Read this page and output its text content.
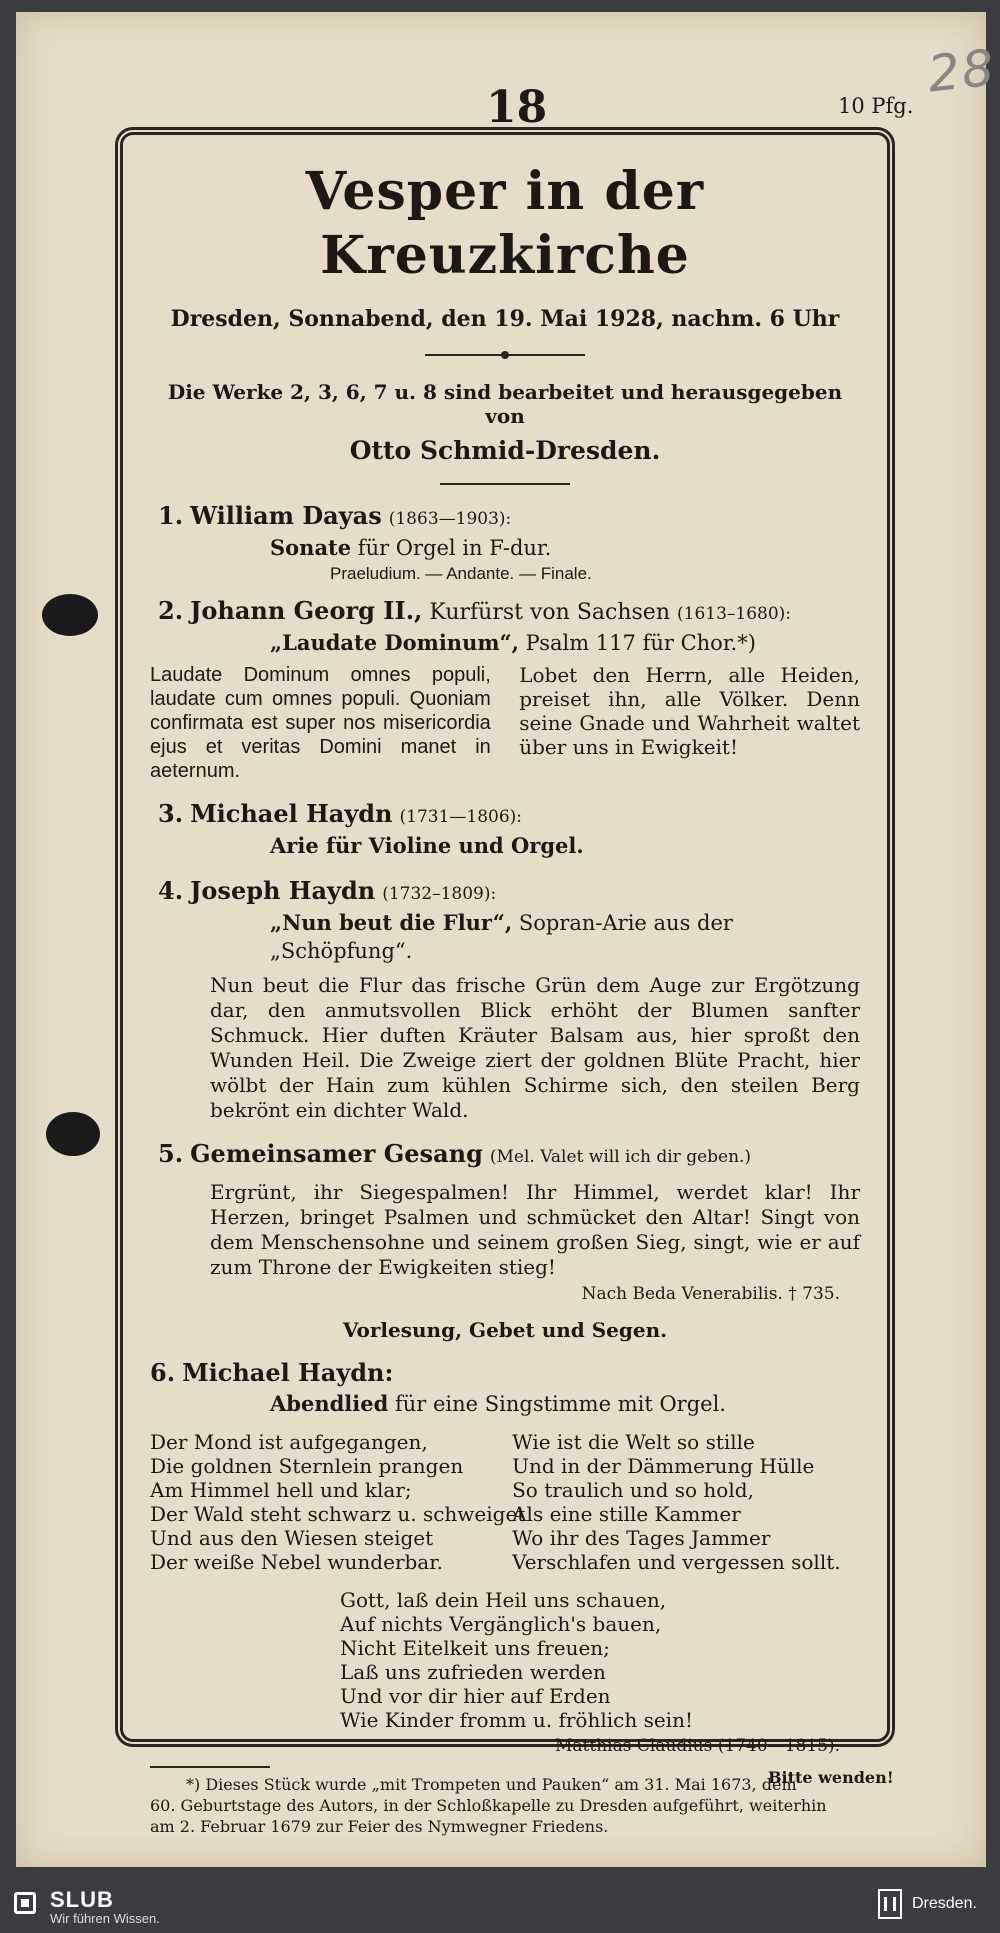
28
18	10 Pfg.
Vesper in der Kreuzkirche
Dresden, Sonnabend, den 19. Mai 1928, nachm. 6 Uhr
Die Werke 2, 3, 6, 7 u. 8 sind bearbeitet und herausgegeben von
Otto Schmid-Dresden.
1. William Dayas (1863—1903):
Sonate für Orgel in F-dur.
Praeludium. — Andante. — Finale.
2. Johann Georg II., Kurfürst von Sachsen (1613–1680):
„Laudate Dominum“, Psalm 117 für Chor.*)
Laudate Dominum omnes populi, laudate cum omnes populi. Quoniam confirmata est super nos misericordia ejus et veritas Domini manet in aeternum.
Lobet den Herrn, alle Heiden, preiset ihn, alle Völker. Denn seine Gnade und Wahrheit waltet über uns in Ewigkeit!
3. Michael Haydn (1731—1806):
Arie für Violine und Orgel.
4. Joseph Haydn (1732–1809):
„Nun beut die Flur“, Sopran-Arie aus der „Schöpfung“.
Nun beut die Flur das frische Grün dem Auge zur Ergötzung dar, den anmutsvollen Blick erhöht der Blumen sanfter Schmuck. Hier duften Kräuter Balsam aus, hier sproßt den Wunden Heil. Die Zweige ziert der goldnen Blüte Pracht, hier wölbt der Hain zum kühlen Schirme sich, den steilen Berg bekrönt ein dichter Wald.
5. Gemeinsamer Gesang (Mel. Valet will ich dir geben.)
Ergrünt, ihr Siegespalmen! Ihr Himmel, werdet klar! Ihr Herzen, bringet Psalmen und schmücket den Altar! Singt von dem Menschensohne und seinem großen Sieg, singt, wie er auf zum Throne der Ewigkeiten stieg!
Nach Beda Venerabilis. † 735.
Vorlesung, Gebet und Segen.
6. Michael Haydn:
Abendlied für eine Singstimme mit Orgel.
Der Mond ist aufgegangen,
Die goldnen Sternlein prangen
Am Himmel hell und klar;
Der Wald steht schwarz u. schweiget
Und aus den Wiesen steiget
Der weiße Nebel wunderbar.
Wie ist die Welt so stille
Und in der Dämmerung Hülle
So traulich und so hold,
Als eine stille Kammer
Wo ihr des Tages Jammer
Verschlafen und vergessen sollt.
Gott, laß dein Heil uns schauen,
Auf nichts Vergänglich's bauen,
Nicht Eitelkeit uns freuen;
Laß uns zufrieden werden
Und vor dir hier auf Erden
Wie Kinder fromm u. fröhlich sein!
Matthias Claudius (1740—1815).
*) Dieses Stück wurde „mit Trompeten und Pauken“ am 31. Mai 1673, dem
60. Geburtstage des Autors, in der Schloßkapelle zu Dresden aufgeführt, weiterhin
am 2. Februar 1679 zur Feier des Nymwegner Friedens.
Bitte wenden!
SLUB
Wir führen Wissen.
Dresden.
